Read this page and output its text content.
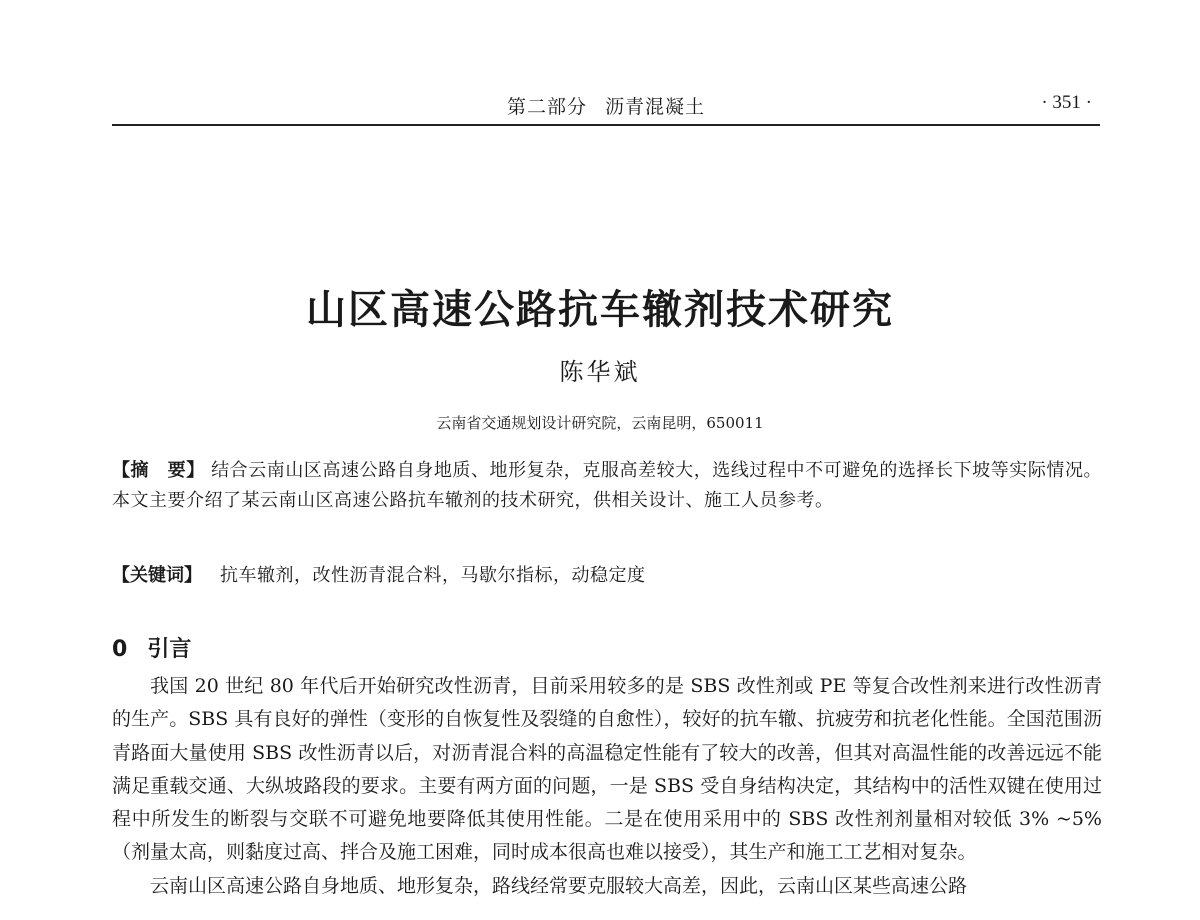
第二部分 沥青混凝土	· 351 ·
山区高速公路抗车辙剂技术研究
陈华斌
云南省交通规划设计研究院，云南昆明，650011
【摘　要】 结合云南山区高速公路自身地质、地形复杂，克服高差较大，选线过程中不可避免的选择长下坡等实际情况。本文主要介绍了某云南山区高速公路抗车辙剂的技术研究，供相关设计、施工人员参考。
【关键词】 抗车辙剂，改性沥青混合料，马歇尔指标，动稳定度
0 引言

我国 20 世纪 80 年代后开始研究改性沥青，目前采用较多的是 SBS 改性剂或 PE 等复合改性剂来进行改性沥青的生产。SBS 具有良好的弹性（变形的自恢复性及裂缝的自愈性），较好的抗车辙、抗疲劳和抗老化性能。全国范围沥青路面大量使用 SBS 改性沥青以后，对沥青混合料的高温稳定性能有了较大的改善，但其对高温性能的改善远远不能满足重载交通、大纵坡路段的要求。主要有两方面的问题，一是 SBS 受自身结构决定，其结构中的活性双键在使用过程中所发生的断裂与交联不可避免地要降低其使用性能。二是在使用采用中的 SBS 改性剂剂量相对较低 3% ~5% （剂量太高，则黏度过高、拌合及施工困难，同时成本很高也难以接受），其生产和施工工艺相对复杂。

云南山区高速公路自身地质、地形复杂，路线经常要克服较大高差，因此，云南山区某些高速公路
